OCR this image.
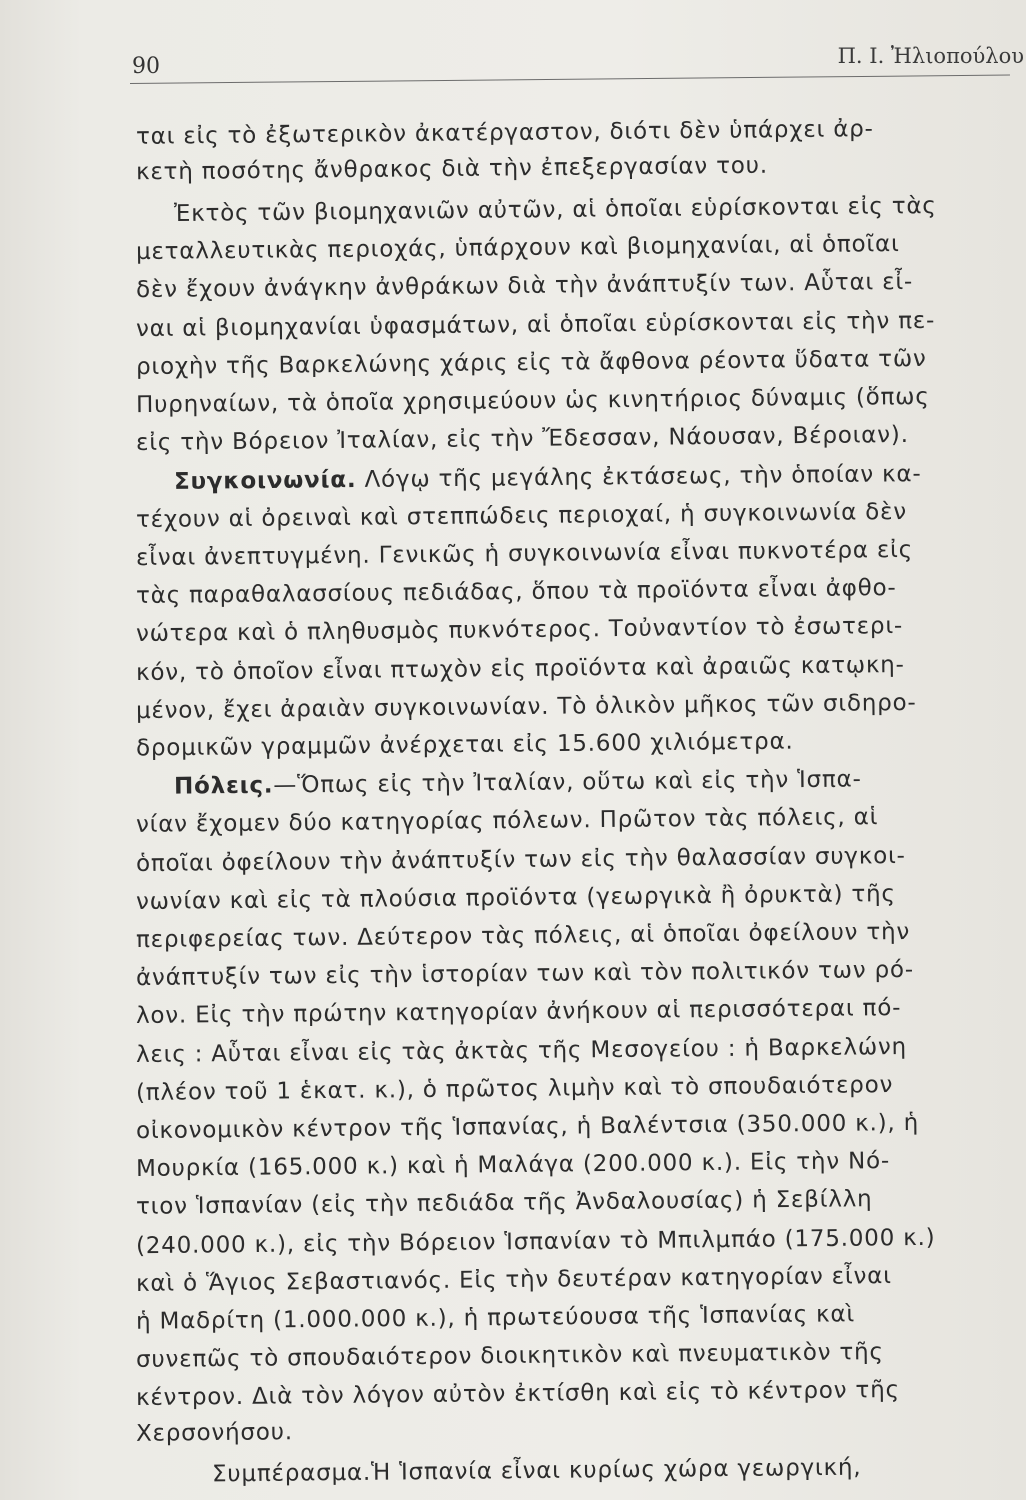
90	Π. Ι. Ἠλιοπούλου
ται εἰς τὸ ἐξωτερικὸν ἀκατέργαστον, διότι δὲν ὑπάρχει ἀρ-
κετὴ ποσότης ἄνθρακος διὰ τὴν ἐπεξεργασίαν του.
Ἐκτὸς τῶν βιομηχανιῶν αὐτῶν, αἱ ὁποῖαι εὑρίσκονται εἰς τὰς
μεταλλευτικὰς περιοχάς, ὑπάρχουν καὶ βιομηχανίαι, αἱ ὁποῖαι
δὲν ἔχουν ἀνάγκην ἀνθράκων διὰ τὴν ἀνάπτυξίν των. Αὗται εἶ-
ναι αἱ βιομηχανίαι ὑφασμάτων, αἱ ὁποῖαι εὑρίσκονται εἰς τὴν πε-
ριοχὴν τῆς Βαρκελώνης χάρις εἰς τὰ ἄφθονα ρέοντα ὕδατα τῶν
Πυρηναίων, τὰ ὁποῖα χρησιμεύουν ὡς κινητήριος δύναμις (ὅπως
εἰς τὴν Βόρειον Ἰταλίαν, εἰς τὴν Ἔδεσσαν, Νάουσαν, Βέροιαν).
Συγκοινωνία. Λόγῳ τῆς μεγάλης ἐκτάσεως, τὴν ὁποίαν κα-
τέχουν αἱ ὀρειναὶ καὶ στεππώδεις περιοχαί, ἡ συγκοινωνία δὲν
εἶναι ἀνεπτυγμένη. Γενικῶς ἡ συγκοινωνία εἶναι πυκνοτέρα εἰς
τὰς παραθαλασσίους πεδιάδας, ὅπου τὰ προϊόντα εἶναι ἀφθο-
νώτερα καὶ ὁ πληθυσμὸς πυκνότερος. Τοὐναντίον τὸ ἐσωτερι-
κόν, τὸ ὁποῖον εἶναι πτωχὸν εἰς προϊόντα καὶ ἀραιῶς κατῳκη-
μένον, ἔχει ἀραιὰν συγκοινωνίαν. Τὸ ὁλικὸν μῆκος τῶν σιδηρο-
δρομικῶν γραμμῶν ἀνέρχεται εἰς 15.600 χιλιόμετρα.
Πόλεις.—Ὅπως εἰς τὴν Ἰταλίαν, οὕτω καὶ εἰς τὴν Ἱσπα-
νίαν ἔχομεν δύο κατηγορίας πόλεων. Πρῶτον τὰς πόλεις, αἱ
ὁποῖαι ὀφείλουν τὴν ἀνάπτυξίν των εἰς τὴν θαλασσίαν συγκοι-
νωνίαν καὶ εἰς τὰ πλούσια προϊόντα (γεωργικὰ ἢ ὀρυκτὰ) τῆς
περιφερείας των. Δεύτερον τὰς πόλεις, αἱ ὁποῖαι ὀφείλουν τὴν
ἀνάπτυξίν των εἰς τὴν ἱστορίαν των καὶ τὸν πολιτικόν των ρό-
λον. Εἰς τὴν πρώτην κατηγορίαν ἀνήκουν αἱ περισσότεραι πό-
λεις : Αὗται εἶναι εἰς τὰς ἀκτὰς τῆς Μεσογείου : ἡ Βαρκελώνη
(πλέον τοῦ 1 ἑκατ. κ.), ὁ πρῶτος λιμὴν καὶ τὸ σπουδαιότερον
οἰκονομικὸν κέντρον τῆς Ἱσπανίας, ἡ Βαλέντσια (350.000 κ.), ἡ
Μουρκία (165.000 κ.) καὶ ἡ Μαλάγα (200.000 κ.). Εἰς τὴν Νό-
τιον Ἱσπανίαν (εἰς τὴν πεδιάδα τῆς Ἀνδαλουσίας) ἡ Σεβίλλη
(240.000 κ.), εἰς τὴν Βόρειον Ἱσπανίαν τὸ Μπιλμπάο (175.000 κ.)
καὶ ὁ Ἅγιος Σεβαστιανός. Εἰς τὴν δευτέραν κατηγορίαν εἶναι
ἡ Μαδρίτη (1.000.000 κ.), ἡ πρωτεύουσα τῆς Ἱσπανίας καὶ
συνεπῶς τὸ σπουδαιότερον διοικητικὸν καὶ πνευματικὸν τῆς
κέντρον. Διὰ τὸν λόγον αὐτὸν ἐκτίσθη καὶ εἰς τὸ κέντρον τῆς
Χερσονήσου.
Συμπέρασμα.Ἡ Ἱσπανία εἶναι κυρίως χώρα γεωργική,
